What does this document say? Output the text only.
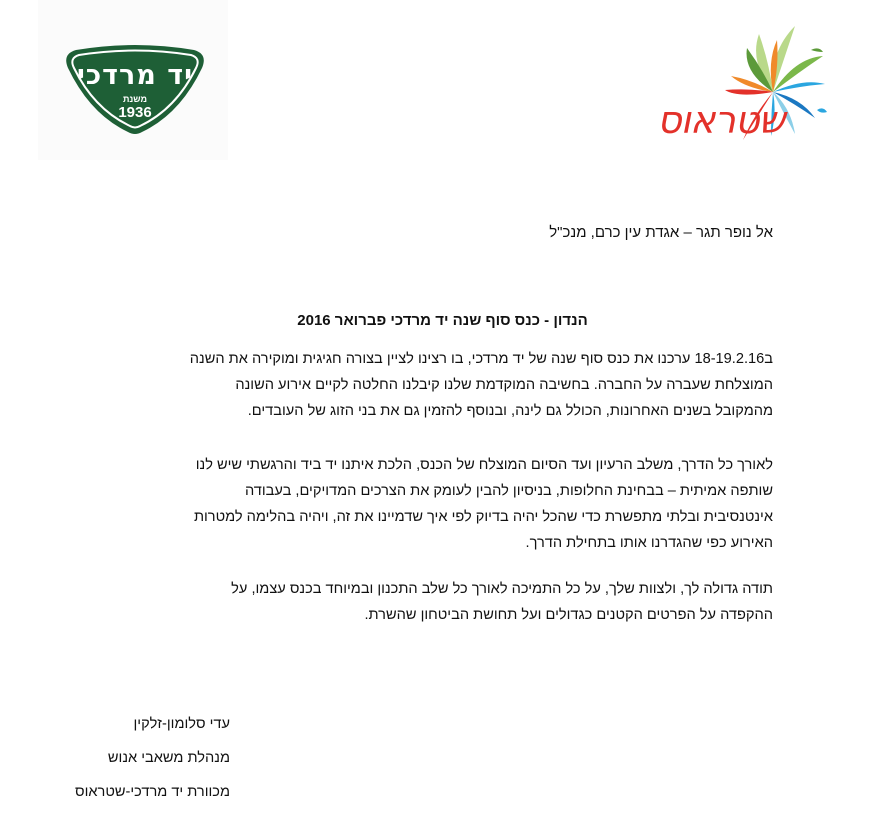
יד מרדכי
משנת
1936	שטראוס
אל נופר תגר – אגדת עין כרם, מנכ"ל
הנדון - כנס סוף שנה יד מרדכי פברואר 2016
ב18-19.2.16 ערכנו את כנס סוף שנה של יד מרדכי, בו רצינו לציין בצורה חגיגית ומוקירה את השנה
המוצלחת שעברה על החברה. בחשיבה המוקדמת שלנו קיבלנו החלטה לקיים אירוע השונה
מהמקובל בשנים האחרונות, הכולל גם לינה, ובנוסף להזמין גם את בני הזוג של העובדים.
לאורך כל הדרך, משלב הרעיון ועד הסיום המוצלח של הכנס, הלכת איתנו יד ביד והרגשתי שיש לנו
שותפה אמיתית – בבחינת החלופות, בניסיון להבין לעומק את הצרכים המדויקים, בעבודה
אינטנסיבית ובלתי מתפשרת כדי שהכל יהיה בדיוק לפי איך שדמיינו את זה, ויהיה בהלימה למטרות
האירוע כפי שהגדרנו אותו בתחילת הדרך.
תודה גדולה לך, ולצוות שלך, על כל התמיכה לאורך כל שלב התכנון ובמיוחד בכנס עצמו, על
ההקפדה על הפרטים הקטנים כגדולים ועל תחושת הביטחון שהשרת.
עדי סלומון-זלקין
מנהלת משאבי אנוש
מכוורת יד מרדכי-שטראוס
